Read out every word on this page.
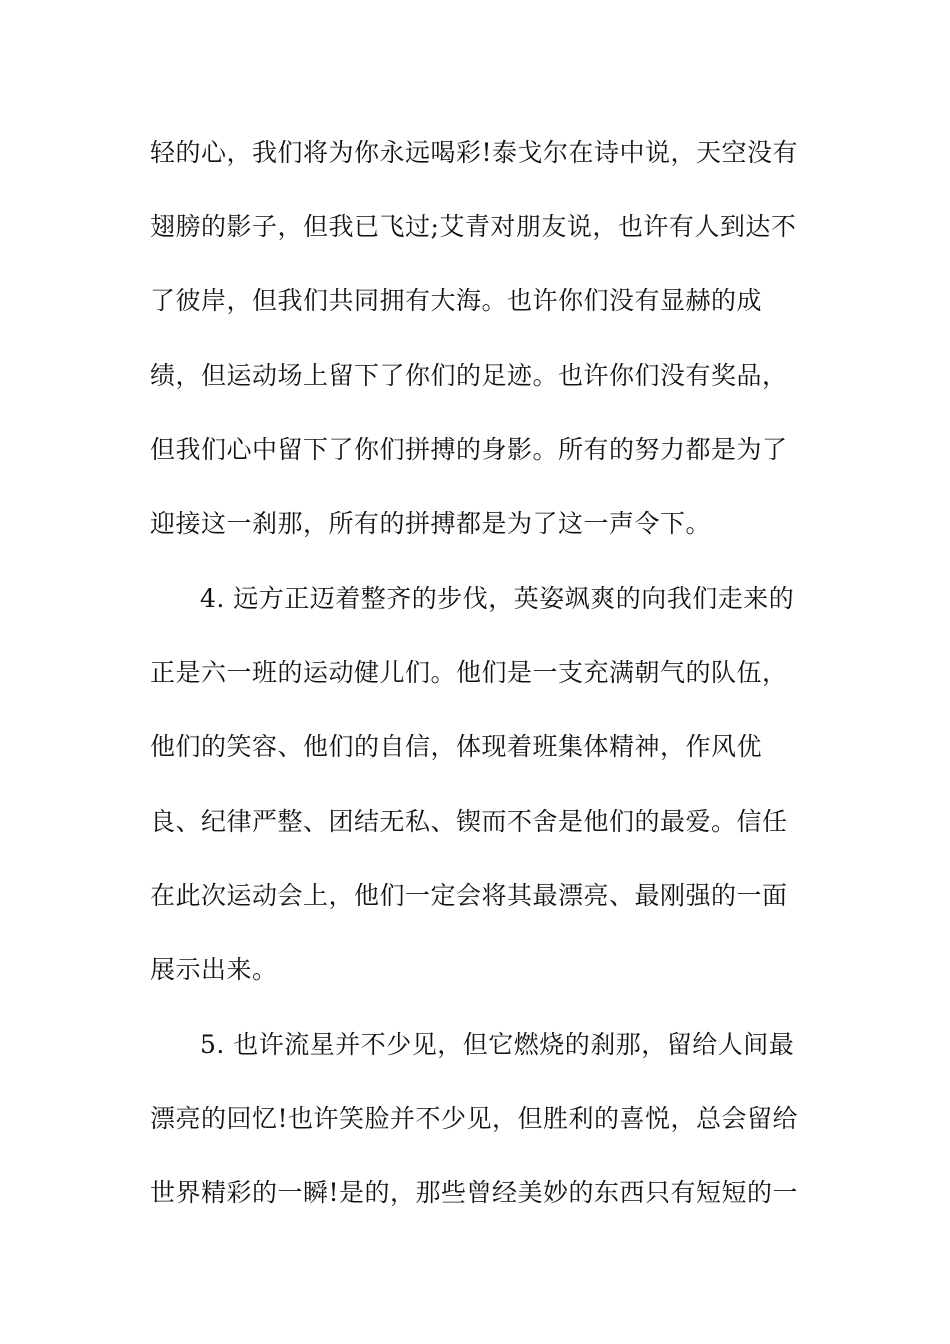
轻的心，我们将为你永远喝彩!泰戈尔在诗中说，天空没有
翅膀的影子，但我已飞过;艾青对朋友说，也许有人到达不
了彼岸，但我们共同拥有大海。也许你们没有显赫的成
绩，但运动场上留下了你们的足迹。也许你们没有奖品，
但我们心中留下了你们拼搏的身影。所有的努力都是为了
迎接这一刹那，所有的拼搏都是为了这一声令下。
4. 远方正迈着整齐的步伐，英姿飒爽的向我们走来的
正是六一班的运动健儿们。他们是一支充满朝气的队伍，
他们的笑容、他们的自信，体现着班集体精神，作风优
良、纪律严整、团结无私、锲而不舍是他们的最爱。信任
在此次运动会上，他们一定会将其最漂亮、最刚强的一面
展示出来。
5. 也许流星并不少见，但它燃烧的刹那，留给人间最
漂亮的回忆!也许笑脸并不少见，但胜利的喜悦，总会留给
世界精彩的一瞬!是的，那些曾经美妙的东西只有短短的一
